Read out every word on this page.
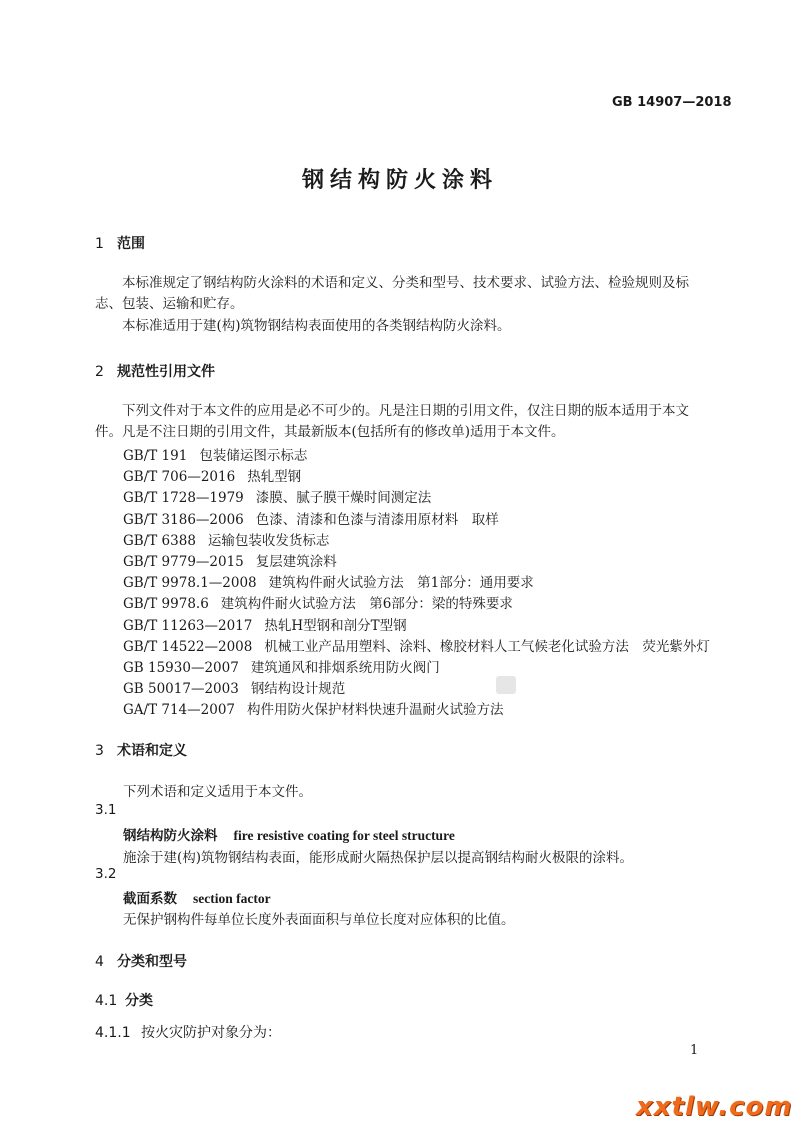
GB 14907—2018
钢结构防火涂料
1 范围
本标准规定了钢结构防火涂料的术语和定义、分类和型号、技术要求、试验方法、检验规则及标志、包装、运输和贮存。
本标准适用于建(构)筑物钢结构表面使用的各类钢结构防火涂料。
2 规范性引用文件
下列文件对于本文件的应用是必不可少的。凡是注日期的引用文件，仅注日期的版本适用于本文件。凡是不注日期的引用文件，其最新版本(包括所有的修改单)适用于本文件。
GB/T 191 包装储运图示标志
GB/T 706—2016 热轧型钢
GB/T 1728—1979 漆膜、腻子膜干燥时间测定法
GB/T 3186—2006 色漆、清漆和色漆与清漆用原材料　取样
GB/T 6388 运输包装收发货标志
GB/T 9779—2015 复层建筑涂料
GB/T 9978.1—2008 建筑构件耐火试验方法　第1部分：通用要求
GB/T 9978.6 建筑构件耐火试验方法　第6部分：梁的特殊要求
GB/T 11263—2017 热轧H型钢和剖分T型钢
GB/T 14522—2008 机械工业产品用塑料、涂料、橡胶材料人工气候老化试验方法　荧光紫外灯
GB 15930—2007 建筑通风和排烟系统用防火阀门
GB 50017—2003 钢结构设计规范
GA/T 714—2007 构件用防火保护材料快速升温耐火试验方法
3 术语和定义
下列术语和定义适用于本文件。
3.1
钢结构防火涂料 fire resistive coating for steel structure
施涂于建(构)筑物钢结构表面，能形成耐火隔热保护层以提高钢结构耐火极限的涂料。
3.2
截面系数 section factor
无保护钢构件每单位长度外表面面积与单位长度对应体积的比值。
4 分类和型号
4.1 分类
4.1.1 按火灾防护对象分为：
1
xxtlw.com
